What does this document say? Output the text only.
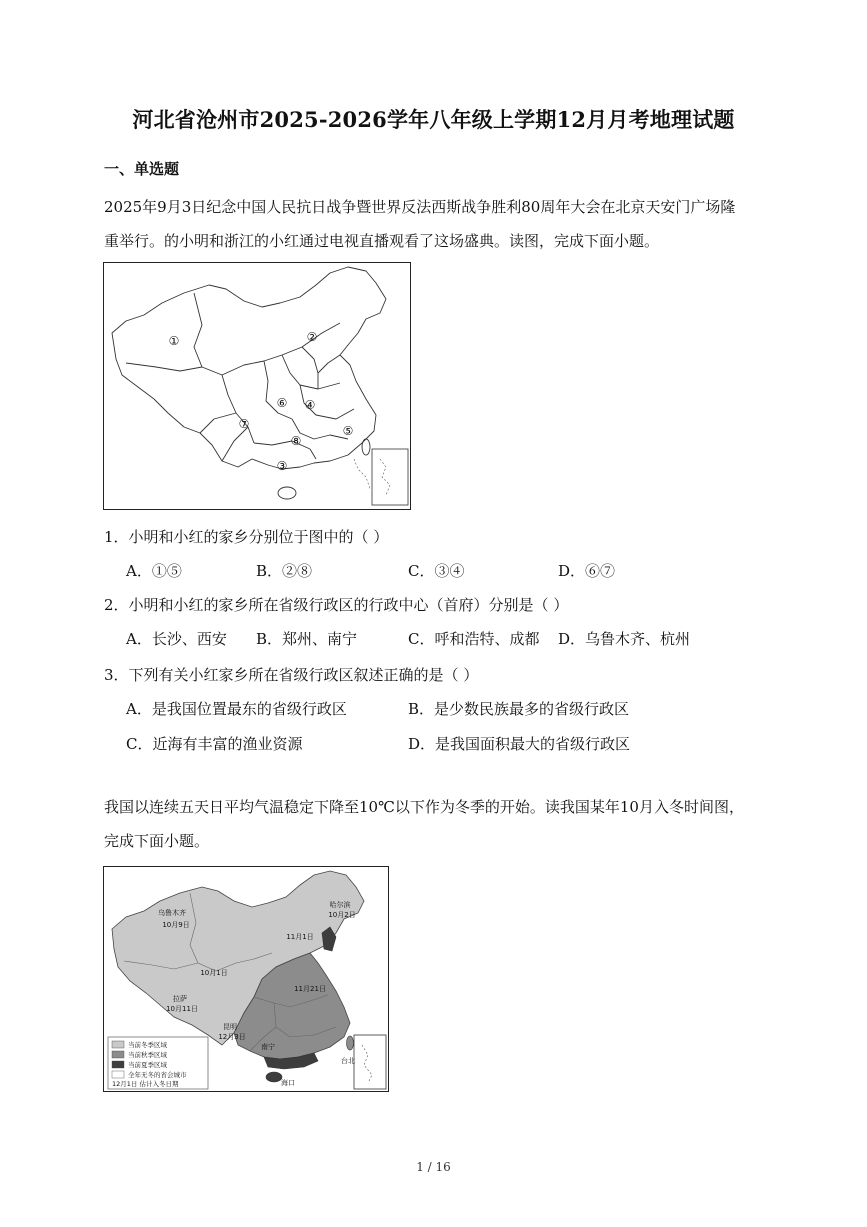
河北省沧州市2025-2026学年八年级上学期12月月考地理试题
一、单选题
2025年9月3日纪念中国人民抗日战争暨世界反法西斯战争胜利80周年大会在北京天安门广场隆
重举行。的小明和浙江的小红通过电视直播观看了这场盛典。读图，完成下面小题。
①	②
③
④
⑤
⑥
⑦
⑧
1．小明和小红的家乡分别位于图中的（ ）
A．①⑤	B．②⑧	C．③④	D．⑥⑦
2．小明和小红的家乡所在省级行政区的行政中心（首府）分别是（ ）
A．长沙、西安 B．郑州、南宁	C．呼和浩特、成都 D．乌鲁木齐、杭州
3．下列有关小红家乡所在省级行政区叙述正确的是（ ）
A．是我国位置最东的省级行政区	B．是少数民族最多的省级行政区
C．近海有丰富的渔业资源	D．是我国面积最大的省级行政区
我国以连续五天日平均气温稳定下降至10℃以下作为冬季的开始。读我国某年10月入冬时间图，
完成下面小题。
乌鲁木齐
10月9日
哈尔滨
10月2日
11月1日
10月1日
拉萨
10月11日
12月3日
11月21日
昆明
南宁
台北
海口
当前冬季区域
当前秋季区域
当前夏季区域
全年无冬的省会城市
12月1日 估计入冬日期
1 / 16
